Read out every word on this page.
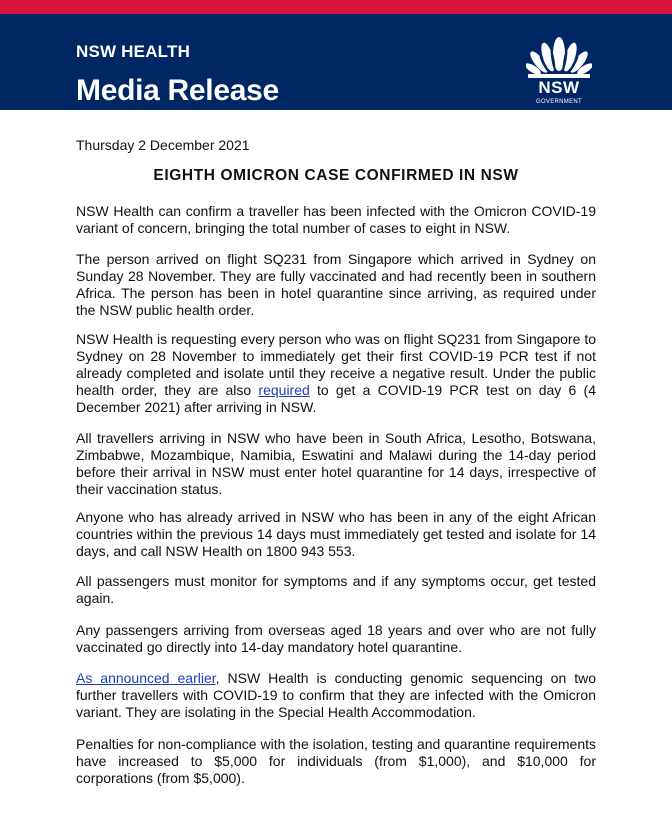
NSW HEALTH
Media Release	NSW
GOVERNMENT
Thursday 2 December 2021
EIGHTH OMICRON CASE CONFIRMED IN NSW

NSW Health can confirm a traveller has been infected with the Omicron COVID-19 variant of concern, bringing the total number of cases to eight in NSW.

The person arrived on flight SQ231 from Singapore which arrived in Sydney on Sunday 28 November. They are fully vaccinated and had recently been in southern Africa. The person has been in hotel quarantine since arriving, as required under the NSW public health order.

NSW Health is requesting every person who was on flight SQ231 from Singapore to Sydney on 28 November to immediately get their first COVID-19 PCR test if not already completed and isolate until they receive a negative result. Under the public health order, they are also required to get a COVID-19 PCR test on day 6 (4 December 2021) after arriving in NSW.

All travellers arriving in NSW who have been in South Africa, Lesotho, Botswana, Zimbabwe, Mozambique, Namibia, Eswatini and Malawi during the 14-day period before their arrival in NSW must enter hotel quarantine for 14 days, irrespective of their vaccination status.

Anyone who has already arrived in NSW who has been in any of the eight African countries within the previous 14 days must immediately get tested and isolate for 14 days, and call NSW Health on 1800 943 553.

All passengers must monitor for symptoms and if any symptoms occur, get tested again.

Any passengers arriving from overseas aged 18 years and over who are not fully vaccinated go directly into 14-day mandatory hotel quarantine.

As announced earlier, NSW Health is conducting genomic sequencing on two further travellers with COVID-19 to confirm that they are infected with the Omicron variant. They are isolating in the Special Health Accommodation.

Penalties for non-compliance with the isolation, testing and quarantine requirements have increased to $5,000 for individuals (from $1,000), and $10,000 for corporations (from $5,000).
